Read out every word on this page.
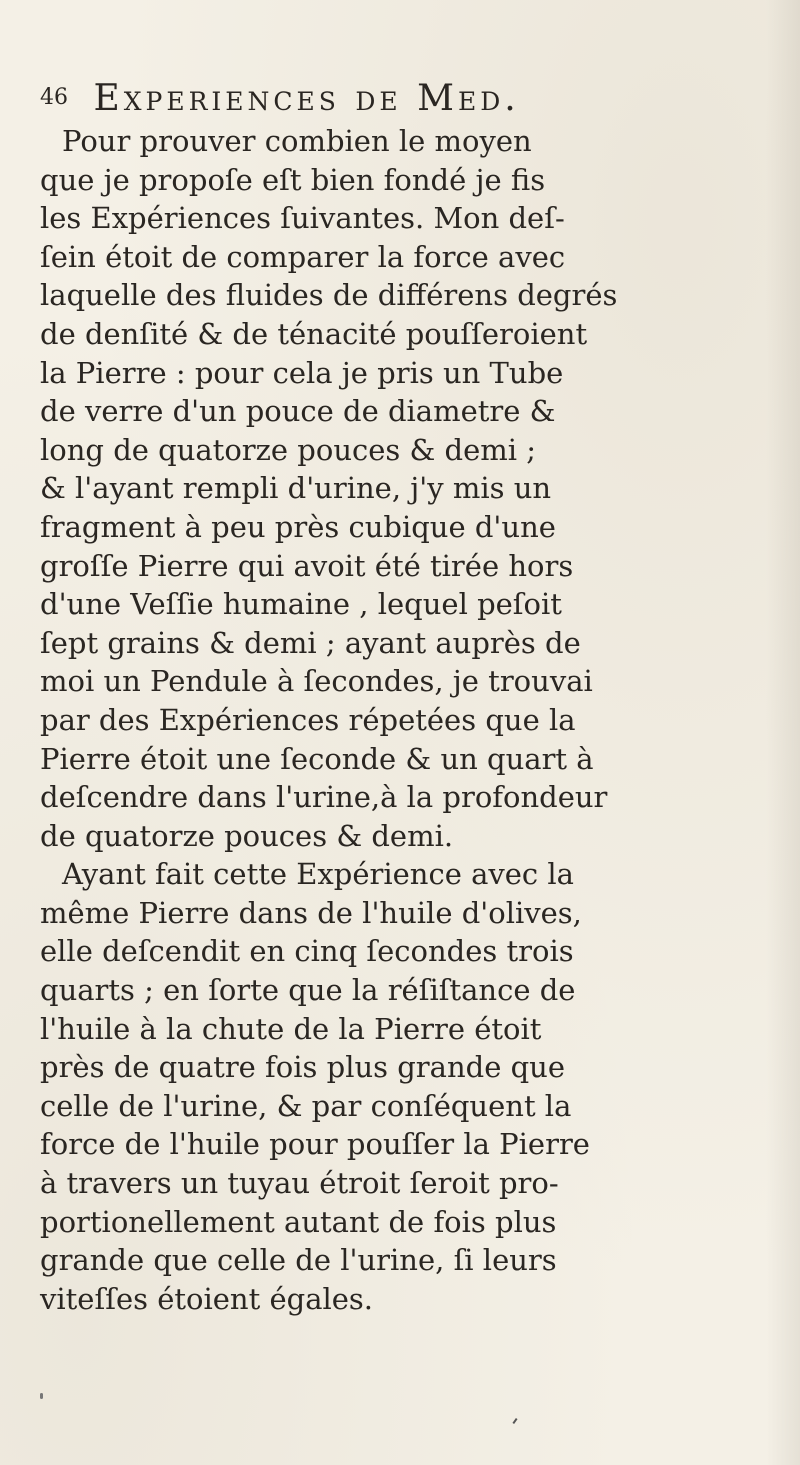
46 Experiences de Med.
Pour prouver combien le moyen
que je propoſe eſt bien fondé je fis
les Expériences ſuivantes. Mon deſ-
ſein étoit de comparer la force avec
laquelle des fluides de différens degrés
de denſité & de ténacité pouſſeroient
la Pierre : pour cela je pris un Tube
de verre d'un pouce de diametre &
long de quatorze pouces & demi ;
& l'ayant rempli d'urine, j'y mis un
fragment à peu près cubique d'une
groſſe Pierre qui avoit été tirée hors
d'une Veſſie humaine , lequel peſoit
ſept grains & demi ; ayant auprès de
moi un Pendule à ſecondes, je trouvai
par des Expériences répetées que la
Pierre étoit une ſeconde & un quart à
deſcendre dans l'urine,à la profondeur
de quatorze pouces & demi.
Ayant fait cette Expérience avec la
même Pierre dans de l'huile d'olives,
elle deſcendit en cinq ſecondes trois
quarts ; en ſorte que la réſiſtance de
l'huile à la chute de la Pierre étoit
près de quatre fois plus grande que
celle de l'urine, & par conſéquent la
force de l'huile pour pouſſer la Pierre
à travers un tuyau étroit ſeroit pro-
portionellement autant de fois plus
grande que celle de l'urine, ſi leurs
viteſſes étoient égales.
